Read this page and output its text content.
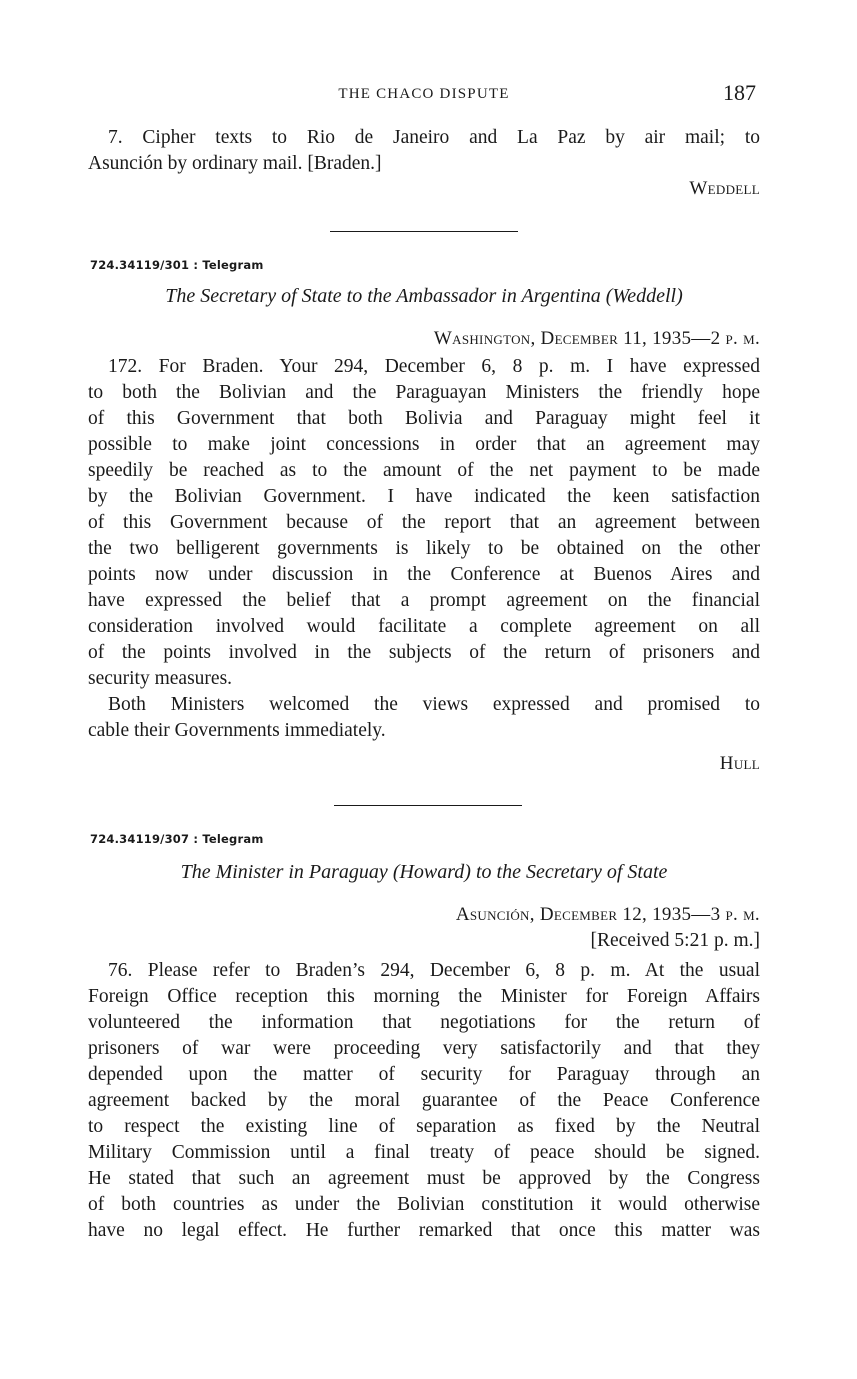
THE CHACO DISPUTE	187
7. Cipher texts to Rio de Janeiro and La Paz by air mail; to
Asunción by ordinary mail. [Braden.]
Weddell
724.34119/301 : Telegram
The Secretary of State to the Ambassador in Argentina (Weddell)
Washington, December 11, 1935—2 p. m.
172. For Braden. Your 294, December 6, 8 p. m. I have expressed
to both the Bolivian and the Paraguayan Ministers the friendly hope
of this Government that both Bolivia and Paraguay might feel it
possible to make joint concessions in order that an agreement may
speedily be reached as to the amount of the net payment to be made
by the Bolivian Government. I have indicated the keen satisfaction
of this Government because of the report that an agreement between
the two belligerent governments is likely to be obtained on the other
points now under discussion in the Conference at Buenos Aires and
have expressed the belief that a prompt agreement on the financial
consideration involved would facilitate a complete agreement on all
of the points involved in the subjects of the return of prisoners and
security measures.
Both Ministers welcomed the views expressed and promised to
cable their Governments immediately.
Hull
724.34119/307 : Telegram
The Minister in Paraguay (Howard) to the Secretary of State
Asunción, December 12, 1935—3 p. m.
[Received 5:21 p. m.]
76. Please refer to Braden’s 294, December 6, 8 p. m. At the usual
Foreign Office reception this morning the Minister for Foreign Affairs
volunteered the information that negotiations for the return of
prisoners of war were proceeding very satisfactorily and that they
depended upon the matter of security for Paraguay through an
agreement backed by the moral guarantee of the Peace Conference
to respect the existing line of separation as fixed by the Neutral
Military Commission until a final treaty of peace should be signed.
He stated that such an agreement must be approved by the Congress
of both countries as under the Bolivian constitution it would otherwise
have no legal effect. He further remarked that once this matter was
